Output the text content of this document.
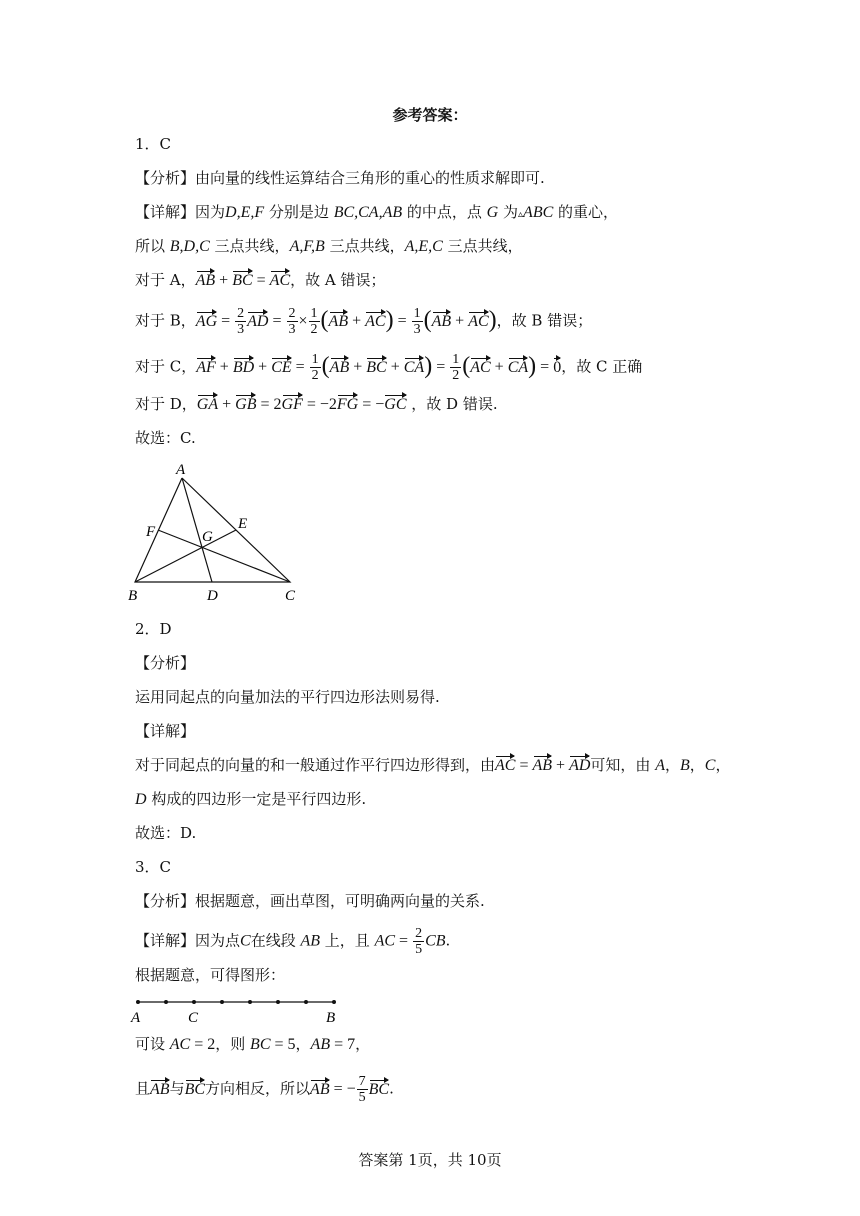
参考答案：
1．C
【分析】由向量的线性运算结合三角形的重心的性质求解即可.
【详解】因为D,E,F 分别是边 BC,CA,AB 的中点，点 G 为▵ABC 的重心，
所以 B,D,C 三点共线，A,F,B 三点共线，A,E,C 三点共线，
对于 A，AB + BC = AC，故 A 错误；
对于 B，AG = $\frac{2}{3}$ AD = $\frac{2}{3} \times \frac{1}{2} (AB + AC) = \frac{1}{3} (AB + AC)$，故 B 错误；
对于 C，AF + BD + CE = $\frac{1}{2} (AB$ + BC + $CA) = \frac{1}{2} (AC + CA) = 0$，故 C 正确
对于 D，GA + GB = 2GF = −2FG = −GC ，故 D 错误.
故选：C.
A
B	C
D
E
F	G
2．D
【分析】
运用同起点的向量加法的平行四边形法则易得.
【详解】
对于同起点的向量的和一般通过作平行四边形得到，由AC = AB + AD可知，由 A，B，C，
D 构成的四边形一定是平行四边形.
故选：D.
3．C
【分析】根据题意，画出草图，可明确两向量的关系.
【详解】因为点C在线段 AB 上，且 AC = $\frac{2}{5}$ CB.
根据题意，可得图形：
A	C	B
可设 AC = 2，则 BC = 5，AB = 7，
且AB与BC方向相反，所以AB = − $\frac{7}{5}$ BC.
答案第 1页，共 10页
